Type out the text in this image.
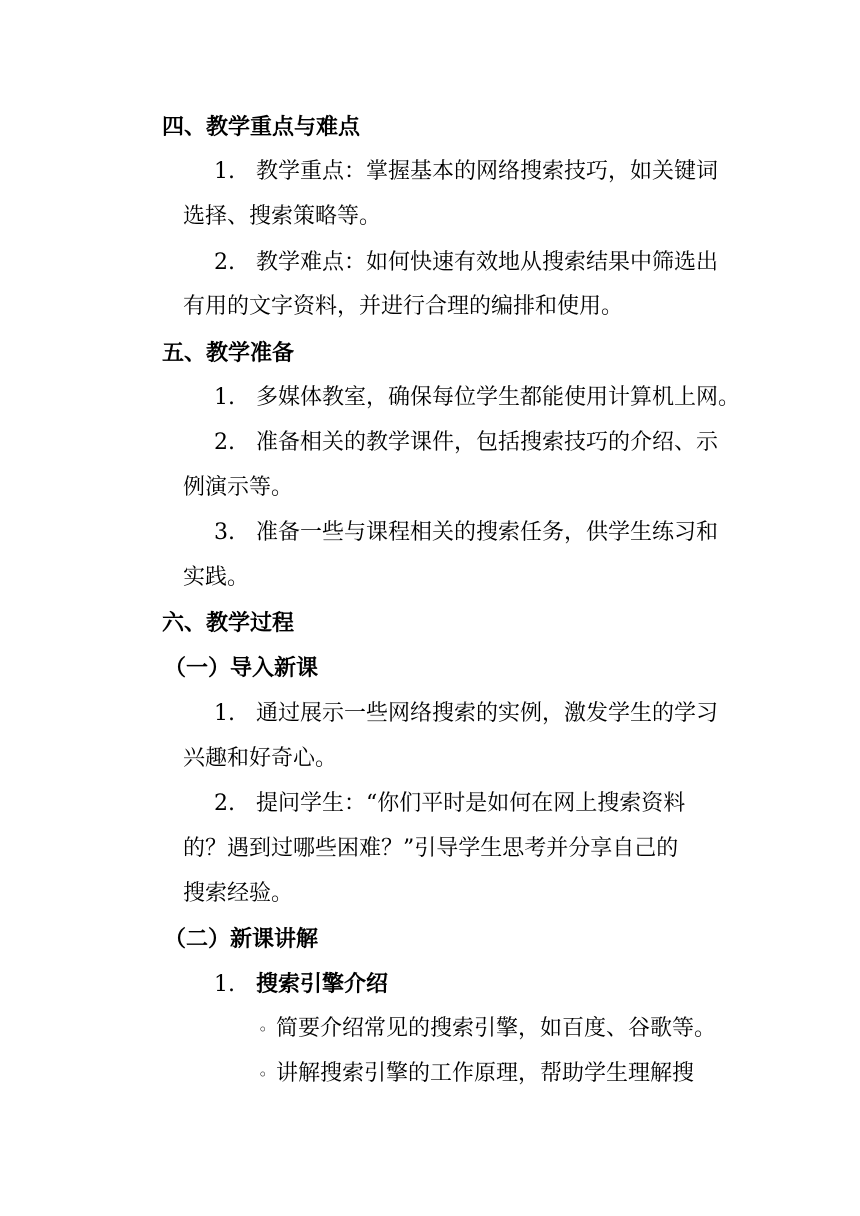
四、教学重点与难点
1. 教学重点：掌握基本的网络搜索技巧，如关键词
选择、搜索策略等。
2. 教学难点：如何快速有效地从搜索结果中筛选出
有用的文字资料，并进行合理的编排和使用。
五、教学准备
1. 多媒体教室，确保每位学生都能使用计算机上网。
2. 准备相关的教学课件，包括搜索技巧的介绍、示
例演示等。
3. 准备一些与课程相关的搜索任务，供学生练习和
实践。
六、教学过程
（一）导入新课
1. 通过展示一些网络搜索的实例，激发学生的学习
兴趣和好奇心。
2. 提问学生：“你们平时是如何在网上搜索资料
的？遇到过哪些困难？”引导学生思考并分享自己的
搜索经验。
（二）新课讲解
1. 搜索引擎介绍
◦ 简要介绍常见的搜索引擎，如百度、谷歌等。
◦ 讲解搜索引擎的工作原理，帮助学生理解搜
